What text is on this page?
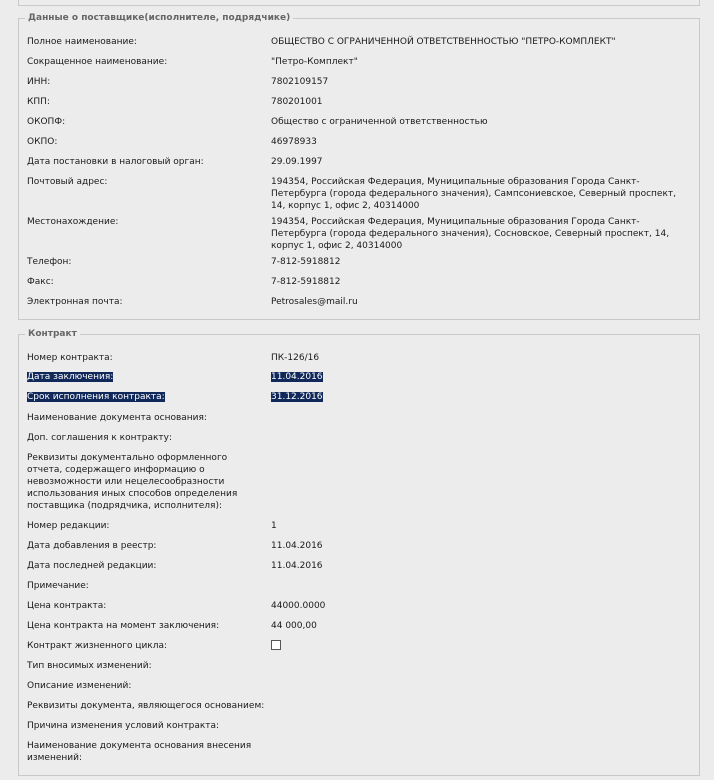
Данные о поставщике(исполнителе, подрядчике)
Полное наименование:	ОБЩЕСТВО С ОГРАНИЧЕННОЙ ОТВЕТСТВЕННОСТЬЮ "ПЕТРО-КОМПЛЕКТ"
Сокращенное наименование:	"Петро-Комплект"
ИНН:	7802109157
КПП:	780201001
ОКОПФ:	Общество с ограниченной ответственностью
ОКПО:	46978933
Дата постановки в налоговый орган:	29.09.1997
Почтовый адрес:	194354, Российская Федерация, Муниципальные образования Города Санкт-Петербурга (города федерального значения), Сампсониевское, Северный проспект, 14, корпус 1, офис 2, 40314000
Местонахождение:	194354, Российская Федерация, Муниципальные образования Города Санкт-Петербурга (города федерального значения), Сосновское, Северный проспект, 14, корпус 1, офис 2, 40314000
Телефон:	7-812-5918812
Факс:	7-812-5918812
Электронная почта:	Petrosales@mail.ru
Контракт
Номер контракта:	ПК-126/16
Дата заключения:	11.04.2016
Срок исполнения контракта:	31.12.2016
Наименование документа основания:
Доп. соглашения к контракту:
Реквизиты документально оформленного отчета, содержащего информацию о невозможности или нецелесообразности использования иных способов определения поставщика (подрядчика, исполнителя):
Номер редакции:	1
Дата добавления в реестр:	11.04.2016
Дата последней редакции:	11.04.2016
Примечание:
Цена контракта:	44000.0000
Цена контракта на момент заключения:	44 000,00
Контракт жизненного цикла:
Тип вносимых изменений:
Описание изменений:
Реквизиты документа, являющегося основанием:
Причина изменения условий контракта:
Наименование документа основания внесения изменений:
